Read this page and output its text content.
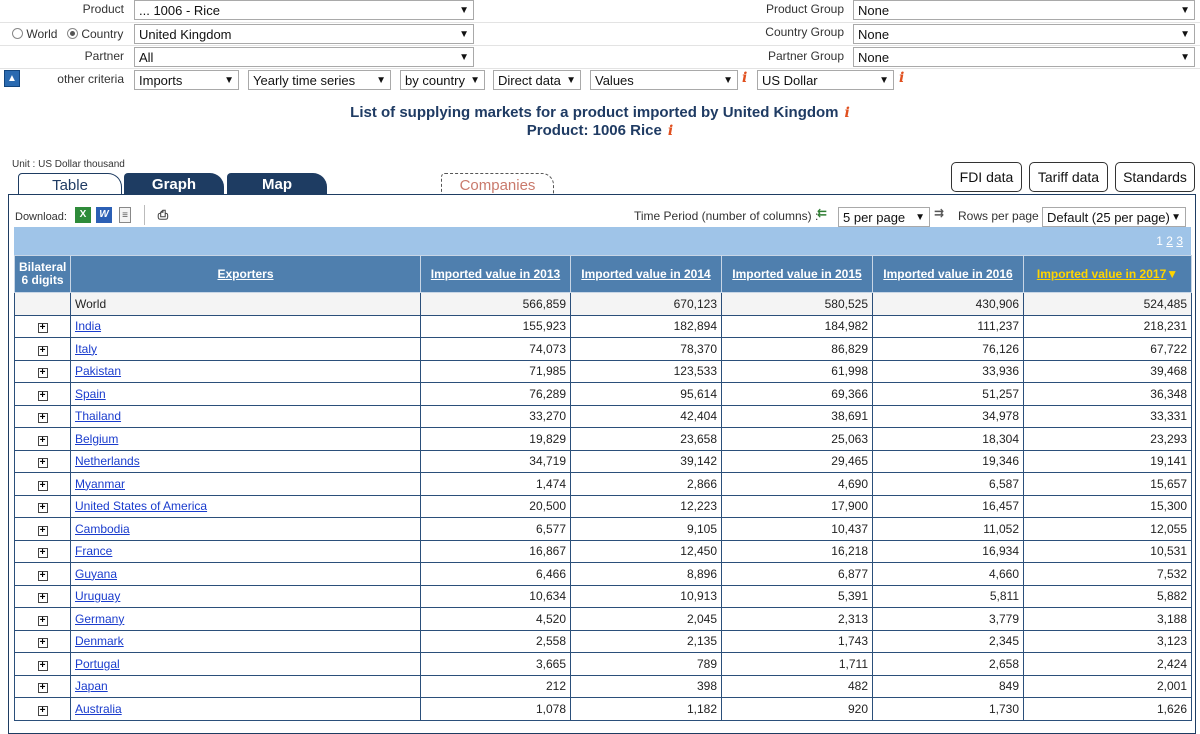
Product	... 1006 - Rice	▼	Product Group	None	▼
World	Country	United Kingdom	▼	Country Group	None	▼
Partner	All	▼	Partner Group	None	▼
other criteria	Imports	▼	Yearly time series ▼	by country ▼	Direct data ▼	Values	▼ i	US Dollar	▼ i
▲
List of supplying markets for a product imported by United Kingdom i
Product: 1006 Rice i
Unit : US Dollar thousand
Table	Graph	Map	Companies	FDI data	Tariff data	Standards
Download:	X	W	≡ ⎙	Time Period (number of columns) :
⇇	5 per page ▼ ⇉ Rows per page Default (25 per page) ▼
1 2 3
Bilateral
6 digits	Exporters	Imported value in 2013	Imported value in 2014	Imported value in 2015	Imported value in 2016	Imported value in 2017▼
	World	566,859	670,123	580,525	430,906	524,485
+	India	155,923	182,894	184,982	111,237	218,231
+	Italy	74,073	78,370	86,829	76,126	67,722
+	Pakistan	71,985	123,533	61,998	33,936	39,468
+	Spain	76,289	95,614	69,366	51,257	36,348
+	Thailand	33,270	42,404	38,691	34,978	33,331
+	Belgium	19,829	23,658	25,063	18,304	23,293
+	Netherlands	34,719	39,142	29,465	19,346	19,141
+	Myanmar	1,474	2,866	4,690	6,587	15,657
+	United States of America	20,500	12,223	17,900	16,457	15,300
+	Cambodia	6,577	9,105	10,437	11,052	12,055
+	France	16,867	12,450	16,218	16,934	10,531
+	Guyana	6,466	8,896	6,877	4,660	7,532
+	Uruguay	10,634	10,913	5,391	5,811	5,882
+	Germany	4,520	2,045	2,313	3,779	3,188
+	Denmark	2,558	2,135	1,743	2,345	3,123
+	Portugal	3,665	789	1,711	2,658	2,424
+	Japan	212	398	482	849	2,001
+	Australia	1,078	1,182	920	1,730	1,626
